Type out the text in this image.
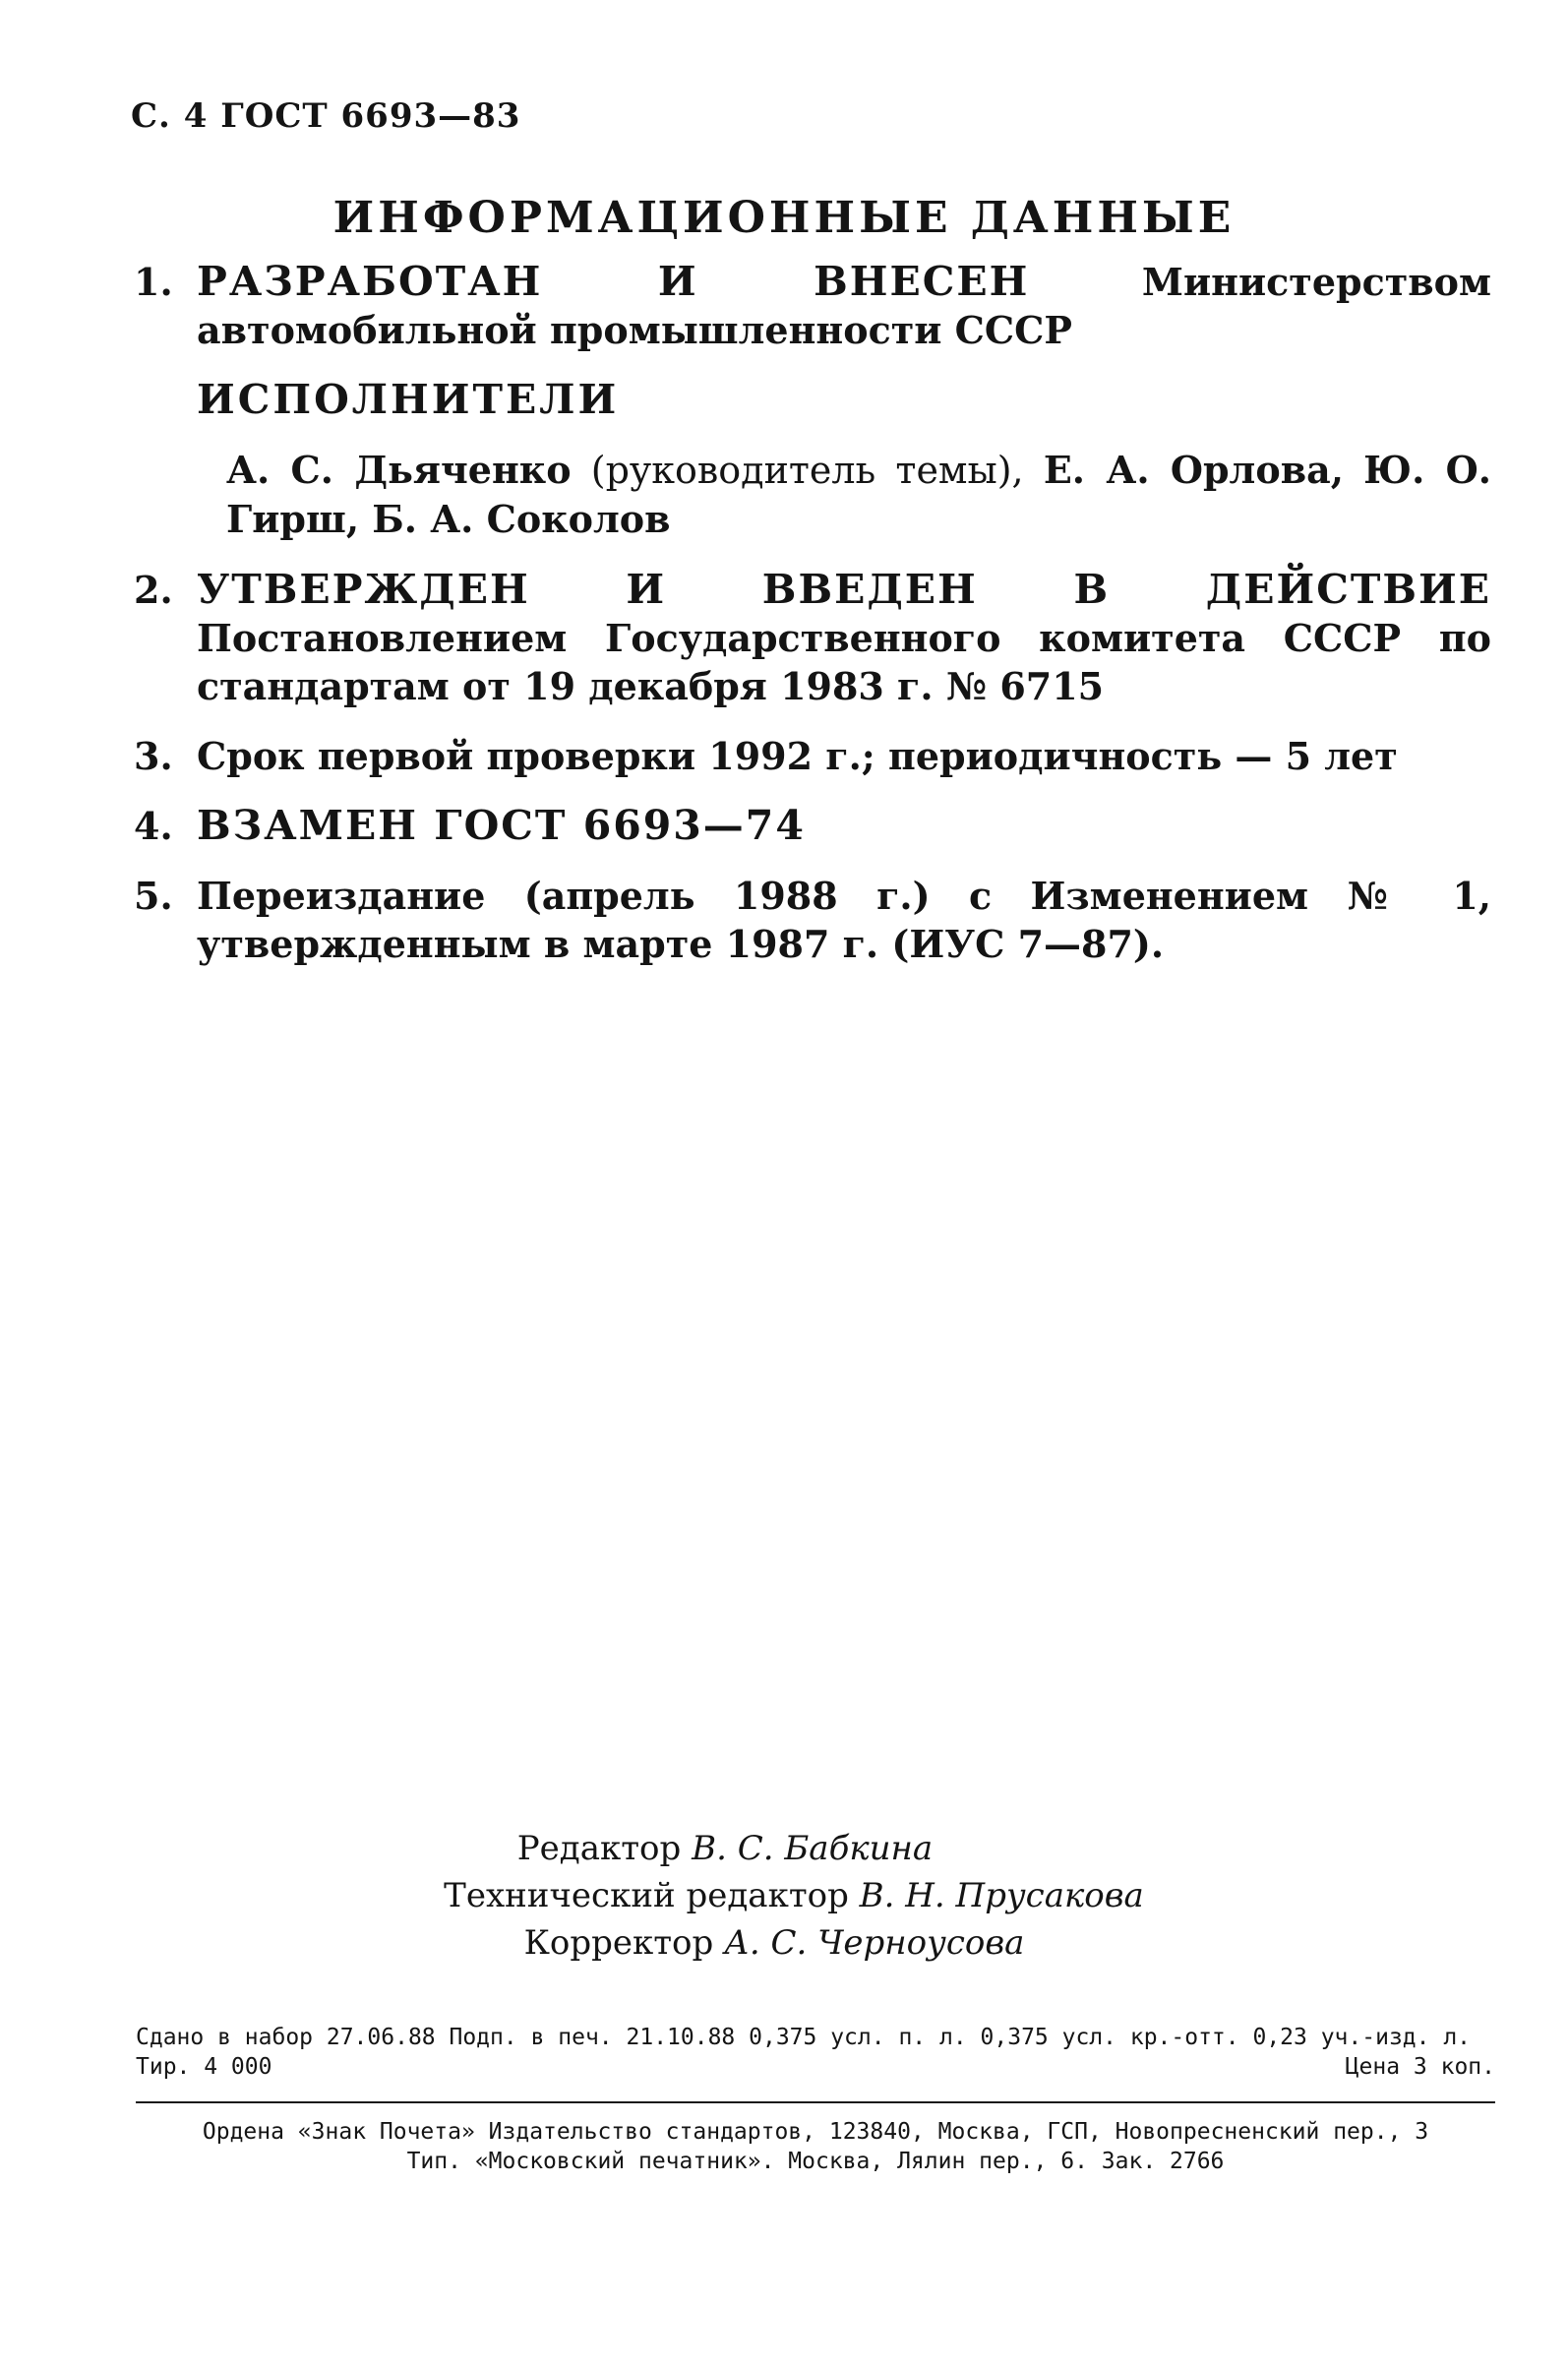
С. 4 ГОСТ 6693—83
ИНФОРМАЦИОННЫЕ ДАННЫЕ
1. РАЗРАБОТАН И ВНЕСЕН	Министерством автомобильной промышленности СССР
ИСПОЛНИТЕЛИ
А. С. Дьяченко (руководитель темы), Е. А. Орлова, Ю. О. Гирш, Б. А. Соколов
2. УТВЕРЖДЕН И ВВЕДЕН В ДЕЙСТВИЕ Постановлением Государственного комитета СССР по стандартам от 19 декабря 1983 г. № 6715
3. Срок первой проверки 1992 г.; периодичность — 5 лет
4. ВЗАМЕН ГОСТ 6693—74
5. Переиздание (апрель 1988 г.) с Изменением № 1, утвержденным в марте 1987 г. (ИУС 7—87).
Редактор В. С. Бабкина
Технический редактор В. Н. Прусакова
Корректор А. С. Черноусова
Сдано в набор 27.06.88 Подп. в печ. 21.10.88 0,375 усл. п. л. 0,375 усл. кр.-отт. 0,23 уч.-изд. л.
Тир. 4 000	Цена 3 коп.
Ордена «Знак Почета» Издательство стандартов, 123840, Москва, ГСП, Новопресненский пер., 3
Тип. «Московский печатник». Москва, Лялин пер., 6. Зак. 2766
